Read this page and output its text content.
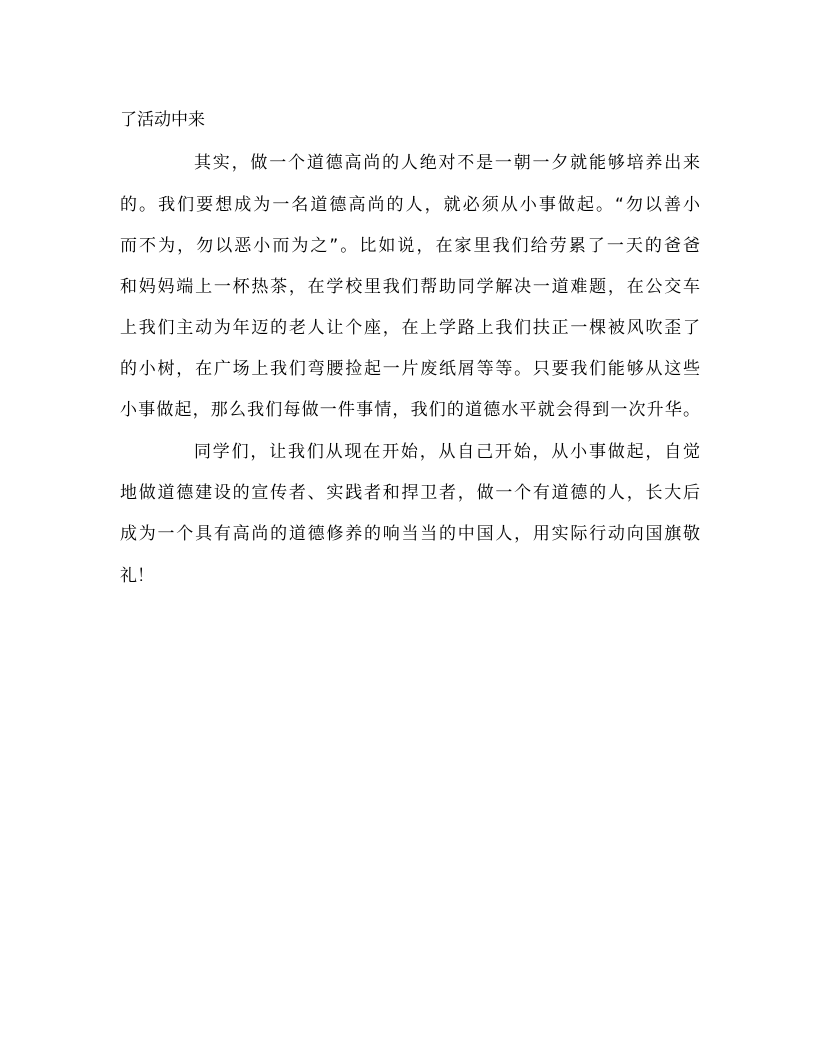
了活动中来
其实，做一个道德高尚的人绝对不是一朝一夕就能够培养出来
的。我们要想成为一名道德高尚的人，就必须从小事做起。“勿以善小
而不为，勿以恶小而为之”。比如说，在家里我们给劳累了一天的爸爸
和妈妈端上一杯热茶，在学校里我们帮助同学解决一道难题，在公交车
上我们主动为年迈的老人让个座，在上学路上我们扶正一棵被风吹歪了
的小树，在广场上我们弯腰捡起一片废纸屑等等。只要我们能够从这些
小事做起，那么我们每做一件事情，我们的道德水平就会得到一次升华。
同学们，让我们从现在开始，从自己开始，从小事做起，自觉
地做道德建设的宣传者、实践者和捍卫者，做一个有道德的人，长大后
成为一个具有高尚的道德修养的响当当的中国人，用实际行动向国旗敬
礼！
